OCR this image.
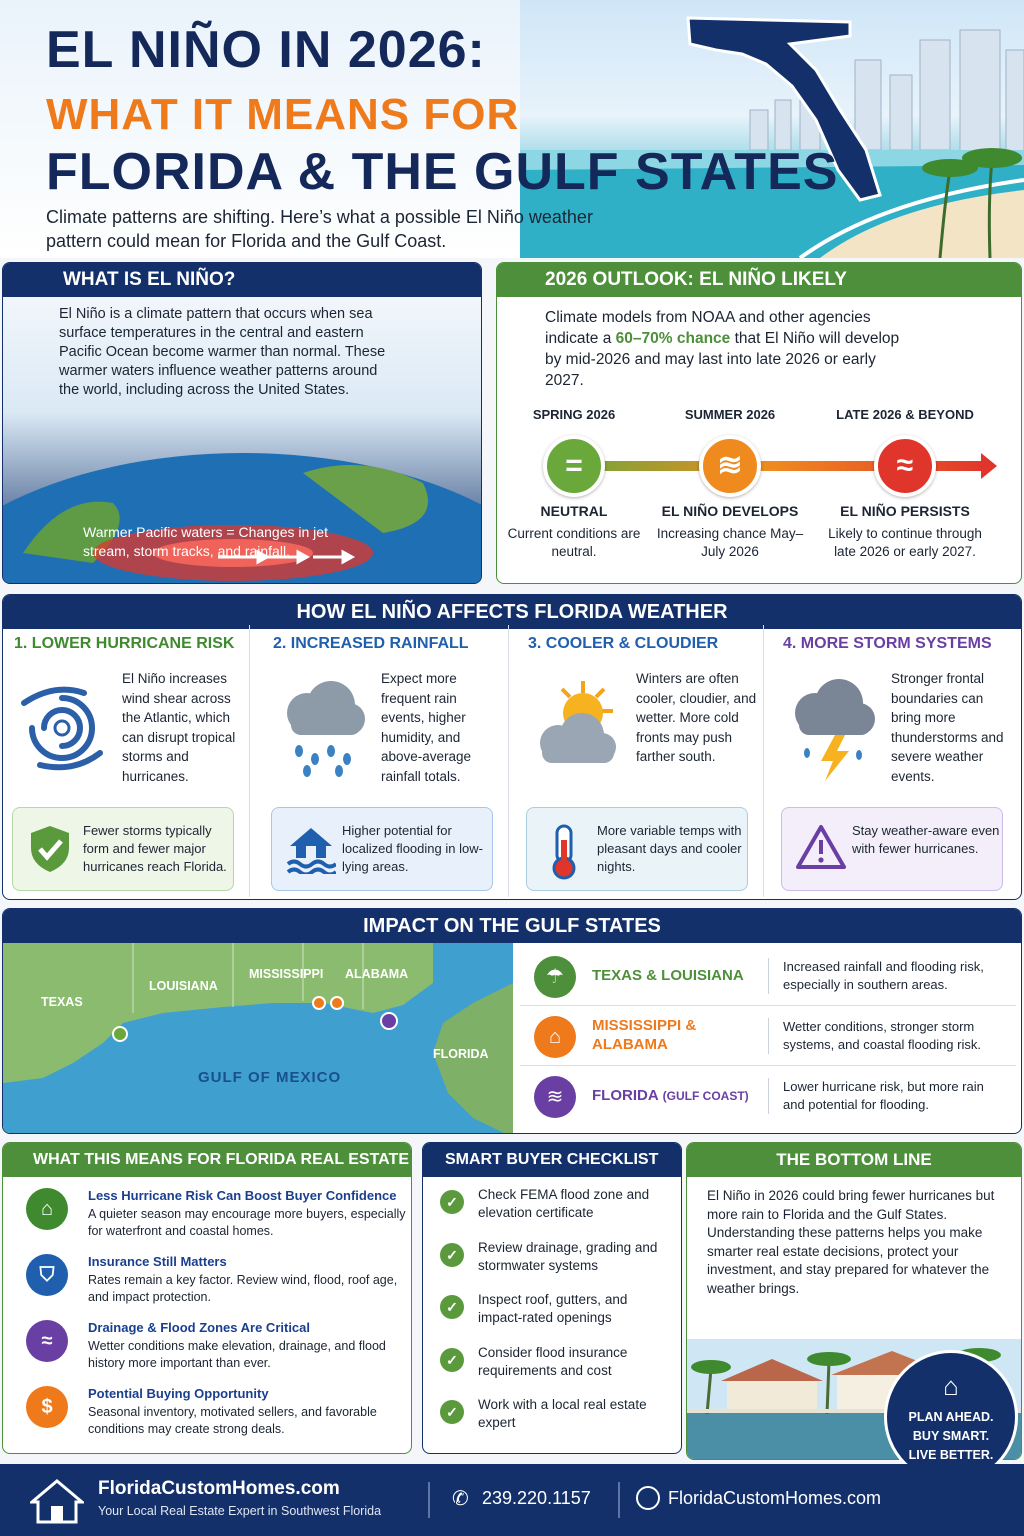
EL NIÑO IN 2026:
WHAT IT MEANS FOR
FLORIDA & THE GULF STATES
Climate patterns are shifting. Here’s what a possible El Niño weather pattern could mean for Florida and the Gulf Coast.
WHAT IS EL NIÑO?
El Niño is a climate pattern that occurs when sea surface temperatures in the central and eastern Pacific Ocean become warmer than normal. These warmer waters influence weather patterns around the world, including across the United States.
Warmer Pacific waters = Changes in jet stream, storm tracks, and rainfall.
2026 OUTLOOK: EL NIÑO LIKELY
Climate models from NOAA and other agencies indicate a 60–70% chance that El Niño will develop by mid-2026 and may last into late 2026 or early 2027.
SPRING 2026
=
NEUTRAL
Current conditions are neutral.
SUMMER 2026
≋
EL NIÑO DEVELOPS
Increasing chance May–July 2026
LATE 2026 & BEYOND
≈
EL NIÑO PERSISTS
Likely to continue through late 2026 or early 2027.
HOW EL NIÑO AFFECTS FLORIDA WEATHER
1. LOWER HURRICANE RISK
El Niño increases wind shear across the Atlantic, which can disrupt tropical storms and hurricanes.
Fewer storms typically form and fewer major hurricanes reach Florida.
2. INCREASED RAINFALL
Expect more frequent rain events, higher humidity, and above-average rainfall totals.
Higher potential for localized flooding in low-lying areas.
3. COOLER & CLOUDIER
Winters are often cooler, cloudier, and wetter. More cold fronts may push farther south.
More variable temps with pleasant days and cooler nights.
4. MORE STORM SYSTEMS
Stronger frontal boundaries can bring more thunderstorms and severe weather events.
Stay weather-aware even with fewer hurricanes.
IMPACT ON THE GULF STATES
TEXAS
LOUISIANA
MISSISSIPPI ALABAMA
FLORIDA
GULF OF MEXICO
☂	TEXAS & LOUISIANA
Increased rainfall and flooding risk, especially in southern areas.
⌂
MISSISSIPPI & ALABAMA
Wetter conditions, stronger storm systems, and coastal flooding risk.
≋	FLORIDA (GULF COAST)
Lower hurricane risk, but more rain and potential for flooding.
WHAT THIS MEANS FOR FLORIDA REAL ESTATE
⌂
Less Hurricane Risk Can Boost Buyer Confidence
A quieter season may encourage more buyers, especially for waterfront and coastal homes.
⛉
Insurance Still Matters
Rates remain a key factor. Review wind, flood, roof age, and impact protection.
≈
Drainage & Flood Zones Are Critical
Wetter conditions make elevation, drainage, and flood history more important than ever.
$
Potential Buying Opportunity
Seasonal inventory, motivated sellers, and favorable conditions may create strong deals.
SMART BUYER CHECKLIST
✓	Check FEMA flood zone and elevation certificate
✓	Review drainage, grading and stormwater systems
✓	Inspect roof, gutters, and impact-rated openings
✓	Consider flood insurance requirements and cost
✓	Work with a local real estate expert
THE BOTTOM LINE
El Niño in 2026 could bring fewer hurricanes but more rain to Florida and the Gulf States. Understanding these patterns helps you make smarter real estate decisions, protect your investment, and stay prepared for whatever the weather brings.
⌂
PLAN AHEAD.
BUY SMART.
LIVE BETTER.
FloridaCustomHomes.com
Your Local Real Estate Expert in Southwest Florida
✆ 239.220.1157	FloridaCustomHomes.com
